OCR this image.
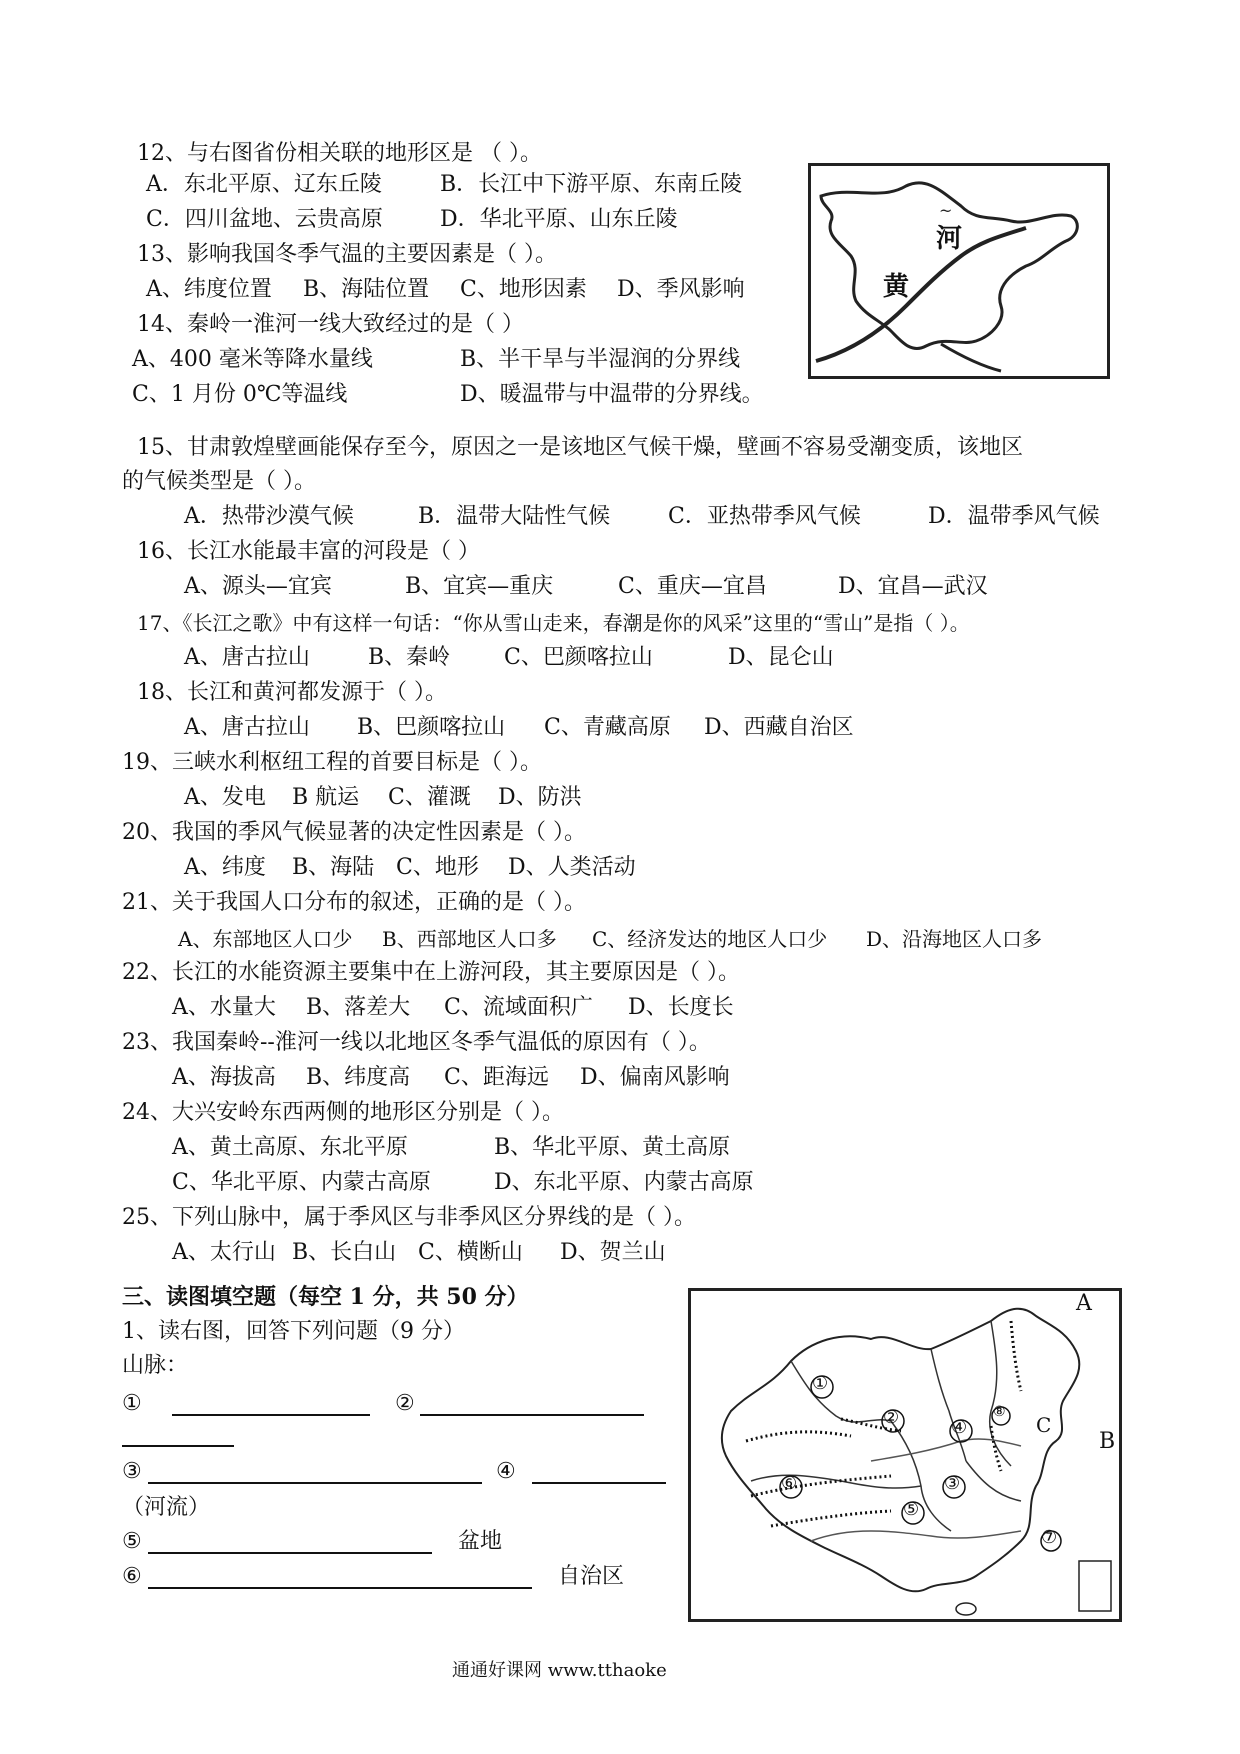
12、与右图省份相关联的地形区是 （ ）。
A．东北平原、辽东丘陵	B．长江中下游平原、东南丘陵
C．四川盆地、云贵高原	D．华北平原、山东丘陵
13、影响我国冬季气温的主要因素是（ ）。
A、纬度位置 B、海陆位置 C、地形因素 D、季风影响
14、秦岭一淮河一线大致经过的是（ ）
A、400 毫米等降水量线	B、半干旱与半湿润的分界线
C、1 月份 0℃等温线	D、暖温带与中温带的分界线。
~
河
黄
15、甘肃敦煌壁画能保存至今，原因之一是该地区气候干燥，壁画不容易受潮变质，该地区
的气候类型是（ ）。
A．热带沙漠气候	B．温带大陆性气候	C．亚热带季风气候	D．温带季风气候
16、长江水能最丰富的河段是（ ）
A、源头—宜宾	B、宜宾—重庆	C、重庆—宜昌	D、宜昌—武汉
17、《长江之歌》中有这样一句话：“你从雪山走来，春潮是你的风采”这里的“雪山”是指（ ）。
A、唐古拉山	B、秦岭 C、巴颜喀拉山	D、昆仑山
18、长江和黄河都发源于（ ）。
A、唐古拉山 B、巴颜喀拉山 C、青藏高原 D、西藏自治区
19、三峡水利枢纽工程的首要目标是（ ）。
A、发电 B 航运 C、灌溉 D、防洪
20、我国的季风气候显著的决定性因素是（ ）。
A、纬度 B、海陆 C、地形 D、人类活动
21、关于我国人口分布的叙述，正确的是（ ）。
A、东部地区人口少 B、西部地区人口多 C、经济发达的地区人口少 D、沿海地区人口多
22、长江的水能资源主要集中在上游河段，其主要原因是（ ）。
A、水量大 B、落差大 C、流域面积广 D、长度长
23、我国秦岭--淮河一线以北地区冬季气温低的原因有（ ）。
A、海拔高 B、纬度高 C、距海远 D、偏南风影响
24、大兴安岭东西两侧的地形区分别是（ ）。
A、黄土高原、东北平原	B、华北平原、黄土高原
C、华北平原、内蒙古高原	D、东北平原、内蒙古高原
25、下列山脉中，属于季风区与非季风区分界线的是（ ）。
A、太行山 B、长白山 C、横断山 D、贺兰山
三、读图填空题（每空 1 分，共 50 分）
1、读右图，回答下列问题（9 分）
山脉：
①	②
③	④
（河流）
⑤	盆地
⑥	自治区
A
B
C
①
②
③
④
⑤
⑥
⑦
⑧
通通好课网 www.tthaoke
